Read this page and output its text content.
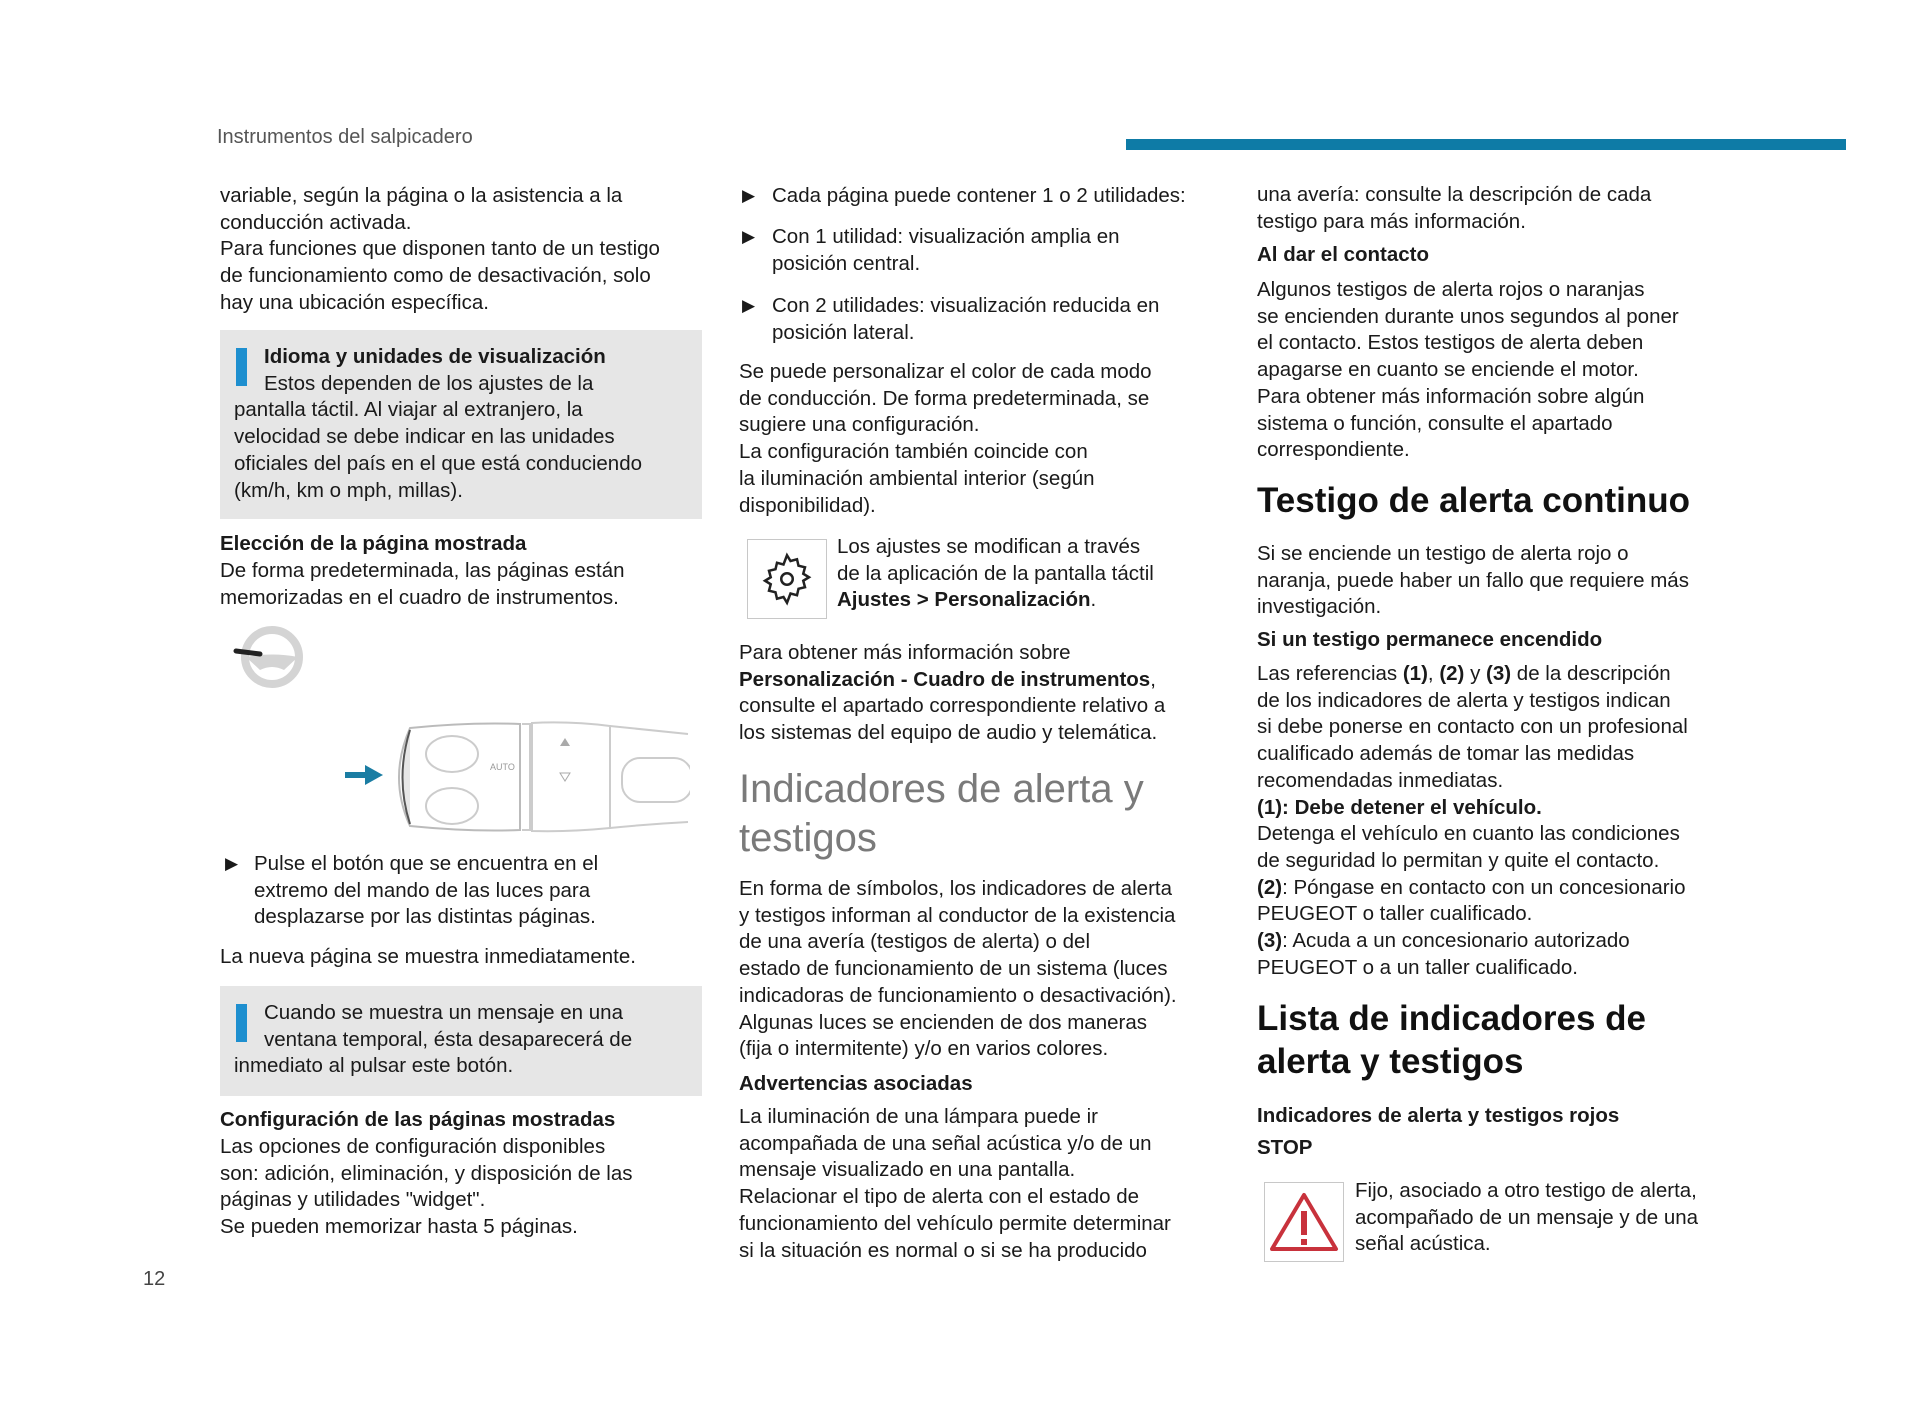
Instrumentos del salpicadero
12
AUTO
variable, según la página o la asistencia a la
conducción activada.
Para funciones que disponen tanto de un testigo
de funcionamiento como de desactivación, solo
hay una ubicación específica.
Idioma y unidades de visualización
Estos dependen de los ajustes de la
pantalla táctil. Al viajar al extranjero, la
velocidad se debe indicar en las unidades
oficiales del país en el que está conduciendo
(km/h, km o mph, millas).
Elección de la página mostrada
De forma predeterminada, las páginas están
memorizadas en el cuadro de instrumentos.
▶ Pulse el botón que se encuentra en el
extremo del mando de las luces para
desplazarse por las distintas páginas.
La nueva página se muestra inmediatamente.
Cuando se muestra un mensaje en una
ventana temporal, ésta desaparecerá de
inmediato al pulsar este botón.
Configuración de las páginas mostradas
Las opciones de configuración disponibles
son: adición, eliminación, y disposición de las
páginas y utilidades "widget".
Se pueden memorizar hasta 5 páginas.
▶ Cada página puede contener 1 o 2 utilidades:
▶ Con 1 utilidad: visualización amplia en
posición central.
▶ Con 2 utilidades: visualización reducida en
posición lateral.
Se puede personalizar el color de cada modo
de conducción. De forma predeterminada, se
sugiere una configuración.
La configuración también coincide con
la iluminación ambiental interior (según
disponibilidad).
Los ajustes se modifican a través
de la aplicación de la pantalla táctil
Ajustes > Personalización.
Para obtener más información sobre
Personalización - Cuadro de instrumentos,
consulte el apartado correspondiente relativo a
los sistemas del equipo de audio y telemática.
Indicadores de alerta y
testigos
En forma de símbolos, los indicadores de alerta
y testigos informan al conductor de la existencia
de una avería (testigos de alerta) o del
estado de funcionamiento de un sistema (luces
indicadoras de funcionamiento o desactivación).
Algunas luces se encienden de dos maneras
(fija o intermitente) y/o en varios colores.
Advertencias asociadas
La iluminación de una lámpara puede ir
acompañada de una señal acústica y/o de un
mensaje visualizado en una pantalla.
Relacionar el tipo de alerta con el estado de
funcionamiento del vehículo permite determinar
si la situación es normal o si se ha producido
una avería: consulte la descripción de cada
testigo para más información.
Al dar el contacto
Algunos testigos de alerta rojos o naranjas
se encienden durante unos segundos al poner
el contacto. Estos testigos de alerta deben
apagarse en cuanto se enciende el motor.
Para obtener más información sobre algún
sistema o función, consulte el apartado
correspondiente.
Testigo de alerta continuo
Si se enciende un testigo de alerta rojo o
naranja, puede haber un fallo que requiere más
investigación.
Si un testigo permanece encendido
Las referencias (1), (2) y (3) de la descripción
de los indicadores de alerta y testigos indican
si debe ponerse en contacto con un profesional
cualificado además de tomar las medidas
recomendadas inmediatas.
(1): Debe detener el vehículo.
Detenga el vehículo en cuanto las condiciones
de seguridad lo permitan y quite el contacto.
(2): Póngase en contacto con un concesionario
PEUGEOT o taller cualificado.
(3): Acuda a un concesionario autorizado
PEUGEOT o a un taller cualificado.
Lista de indicadores de
alerta y testigos
Indicadores de alerta y testigos rojos
STOP
Fijo, asociado a otro testigo de alerta,
acompañado de un mensaje y de una
señal acústica.
